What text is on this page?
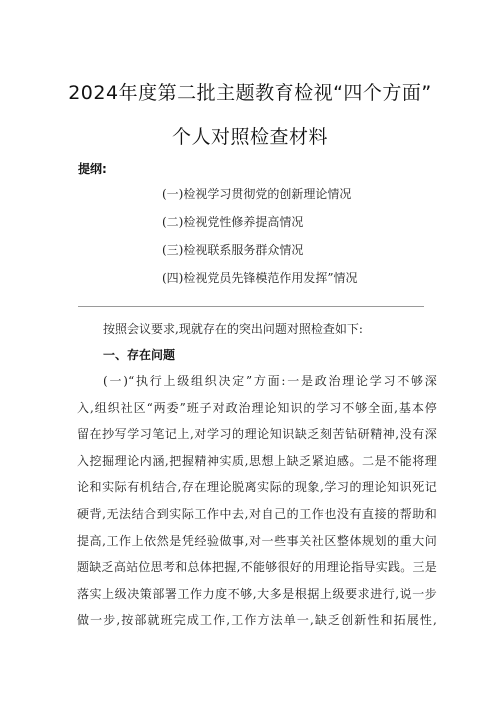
2024年度第二批主题教育检视“四个方面”
个人对照检查材料
提纲:
(一)检视学习贯彻党的创新理论情况
(二)检视党性修养提高情况
(三)检视联系服务群众情况
(四)检视党员先锋模范作用发挥”情况
按照会议要求,现就存在的突出问题对照检查如下:
一、存在问题
(一)“执行上级组织决定”方面:一是政治理论学习不够深
入,组织社区“两委”班子对政治理论知识的学习不够全面,基本停
留在抄写学习笔记上,对学习的理论知识缺乏刻苦钻研精神,没有深
入挖掘理论内涵,把握精神实质,思想上缺乏紧迫感。二是不能将理
论和实际有机结合,存在理论脱离实际的现象,学习的理论知识死记
硬背,无法结合到实际工作中去,对自己的工作也没有直接的帮助和
提高,工作上依然是凭经验做事,对一些事关社区整体规划的重大问
题缺乏高站位思考和总体把握,不能够很好的用理论指导实践。三是
落实上级决策部署工作力度不够,大多是根据上级要求进行,说一步
做一步,按部就班完成工作,工作方法单一,缺乏创新性和拓展性,
